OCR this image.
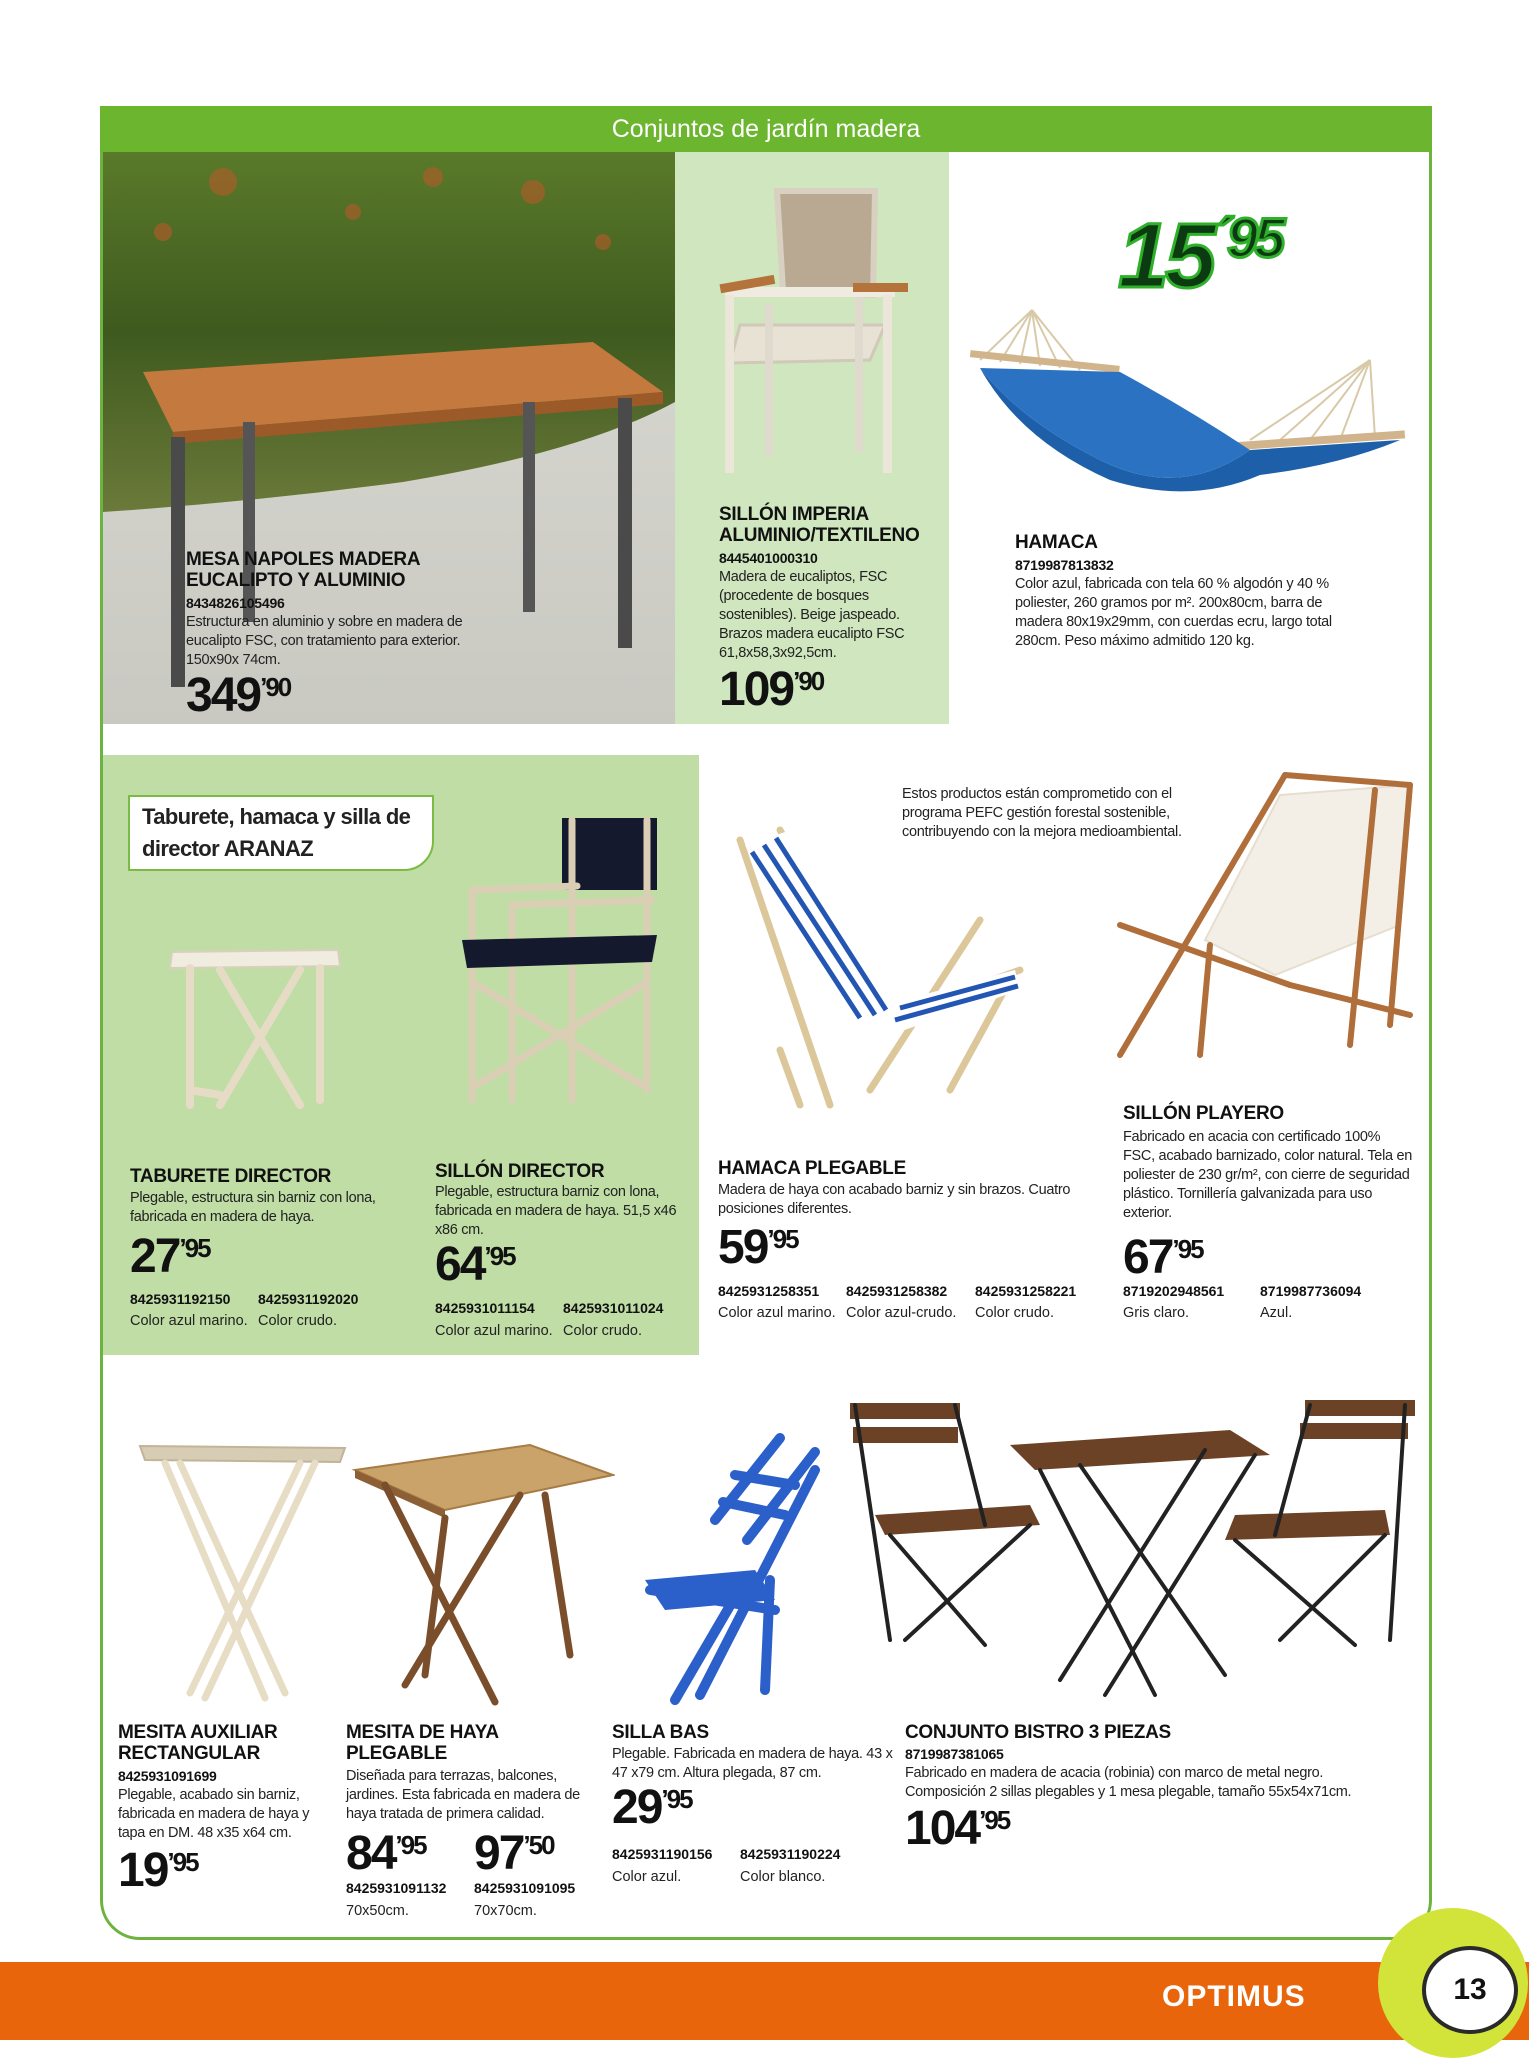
Conjuntos de jardín madera
MESA NAPOLES MADERA EUCALIPTO Y ALUMINIO
8434826105496
Estructura en aluminio y sobre en madera de eucalipto FSC, con tratamiento para exterior. 150x90x 74cm.
349’90
SILLÓN IMPERIA ALUMINIO/TEXTILENO
8445401000310
Madera de eucaliptos, FSC (procedente de bosques sostenibles). Beige jaspeado. Brazos madera eucalipto FSC 61,8x58,3x92,5cm.
109’90
15´95
HAMACA
8719987813832
Color azul, fabricada con tela 60 % algodón y 40 % poliester, 260 gramos por m². 200x80cm, barra de madera 80x19x29mm, con cuerdas ecru, largo total 280cm. Peso máximo admitido 120 kg.
Taburete, hamaca y silla de director ARANAZ
TABURETE DIRECTOR
Plegable, estructura sin barniz con lona, fabricada en madera de haya.
27’95
8425931192150 8425931192020
Color azul marino. Color crudo.
SILLÓN DIRECTOR
Plegable, estructura barniz con lona, fabricada en madera de haya. 51,5 x46 x86 cm.
64’95
8425931011154 8425931011024
Color azul marino. Color crudo.
Estos productos están comprometido con el programa PEFC gestión forestal sostenible, contribuyendo con la mejora medioambiental.
HAMACA PLEGABLE
Madera de haya con acabado barniz y sin brazos. Cuatro posiciones diferentes.
59’95
8425931258351 8425931258382 8425931258221
Color azul marino. Color azul-crudo. Color crudo.
SILLÓN PLAYERO
Fabricado en acacia con certificado 100% FSC, acabado barnizado, color natural. Tela en poliester de 230 gr/m², con cierre de seguridad plástico. Tornillería galvanizada para uso exterior.
67’95
8719202948561	8719987736094
Gris claro.	Azul.
MESITA AUXILIAR RECTANGULAR
8425931091699
Plegable, acabado sin barniz, fabricada en madera de haya y tapa en DM. 48 x35 x64 cm.
19’95
MESITA DE HAYA PLEGABLE
Diseñada para terrazas, balcones, jardines. Esta fabricada en madera de haya tratada de primera calidad.
84’95 97’50
8425931091132 8425931091095
70x50cm.	70x70cm.
SILLA BAS
Plegable. Fabricada en madera de haya. 43 x 47 x79 cm. Altura plegada, 87 cm.
29’95
8425931190156 8425931190224
Color azul.	Color blanco.
CONJUNTO BISTRO 3 PIEZAS
8719987381065
Fabricado en madera de acacia (robinia) con marco de metal negro. Composición 2 sillas plegables y 1 mesa plegable, tamaño 55x54x71cm.
104’95
OPTIMUS	13
